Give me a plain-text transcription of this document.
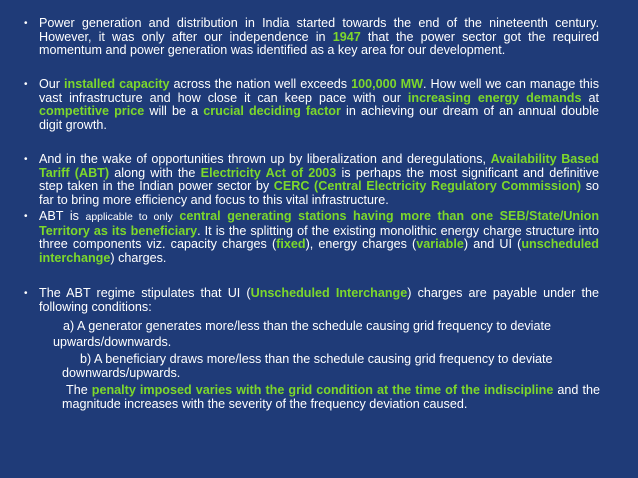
• Power generation and distribution in India started towards the end of the nineteenth century. However, it was only after our independence in 1947 that the power sector got the required momentum and power generation was identified as a key area for our development.
• Our installed capacity across the nation well exceeds 100,000 MW. How well we can manage this vast infrastructure and how close it can keep pace with our increasing energy demands at competitive price will be a crucial deciding factor in achieving our dream of an annual double digit growth.
• And in the wake of opportunities thrown up by liberalization and deregulations, Availability Based Tariff (ABT) along with the Electricity Act of 2003 is perhaps the most significant and definitive step taken in the Indian power sector by CERC (Central Electricity Regulatory Commission) so far to bring more efficiency and focus to this vital infrastructure.
• ABT is applicable to only central generating stations having more than one SEB/State/Union Territory as its beneficiary. It is the splitting of the existing monolithic energy charge structure into three components viz. capacity charges (fixed), energy charges (variable) and UI (unscheduled interchange) charges.
• The ABT regime stipulates that UI (Unscheduled Interchange) charges are payable under the following conditions:
a) A generator generates more/less than the schedule causing grid frequency to deviate
upwards/downwards.
b) A beneficiary draws more/less than the schedule causing grid frequency to deviate
downwards/upwards.
The penalty imposed varies with the grid condition at the time of the indiscipline and the magnitude increases with the severity of the frequency deviation caused.
